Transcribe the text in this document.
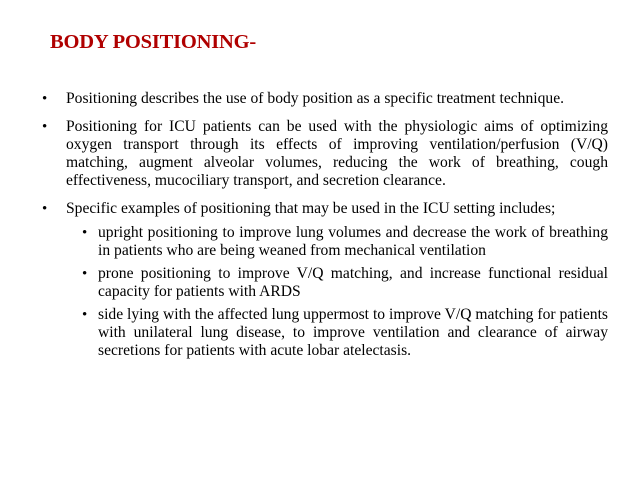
BODY POSITIONING-
• Positioning describes the use of body position as a specific treatment technique.
• Positioning for ICU patients can be used with the physiologic aims of optimizing oxygen transport through its effects of improving ventilation/perfusion (V/Q) matching, augment alveolar volumes, reducing the work of breathing, cough effectiveness, mucociliary transport, and secretion clearance.
• Specific examples of positioning that may be used in the ICU setting includes;
• upright positioning to improve lung volumes and decrease the work of breathing in patients who are being weaned from mechanical ventilation
• prone positioning to improve V/Q matching, and increase functional residual capacity for patients with ARDS
• side lying with the affected lung uppermost to improve V/Q matching for patients with unilateral lung disease, to improve ventilation and clearance of airway secretions for patients with acute lobar atelectasis.
